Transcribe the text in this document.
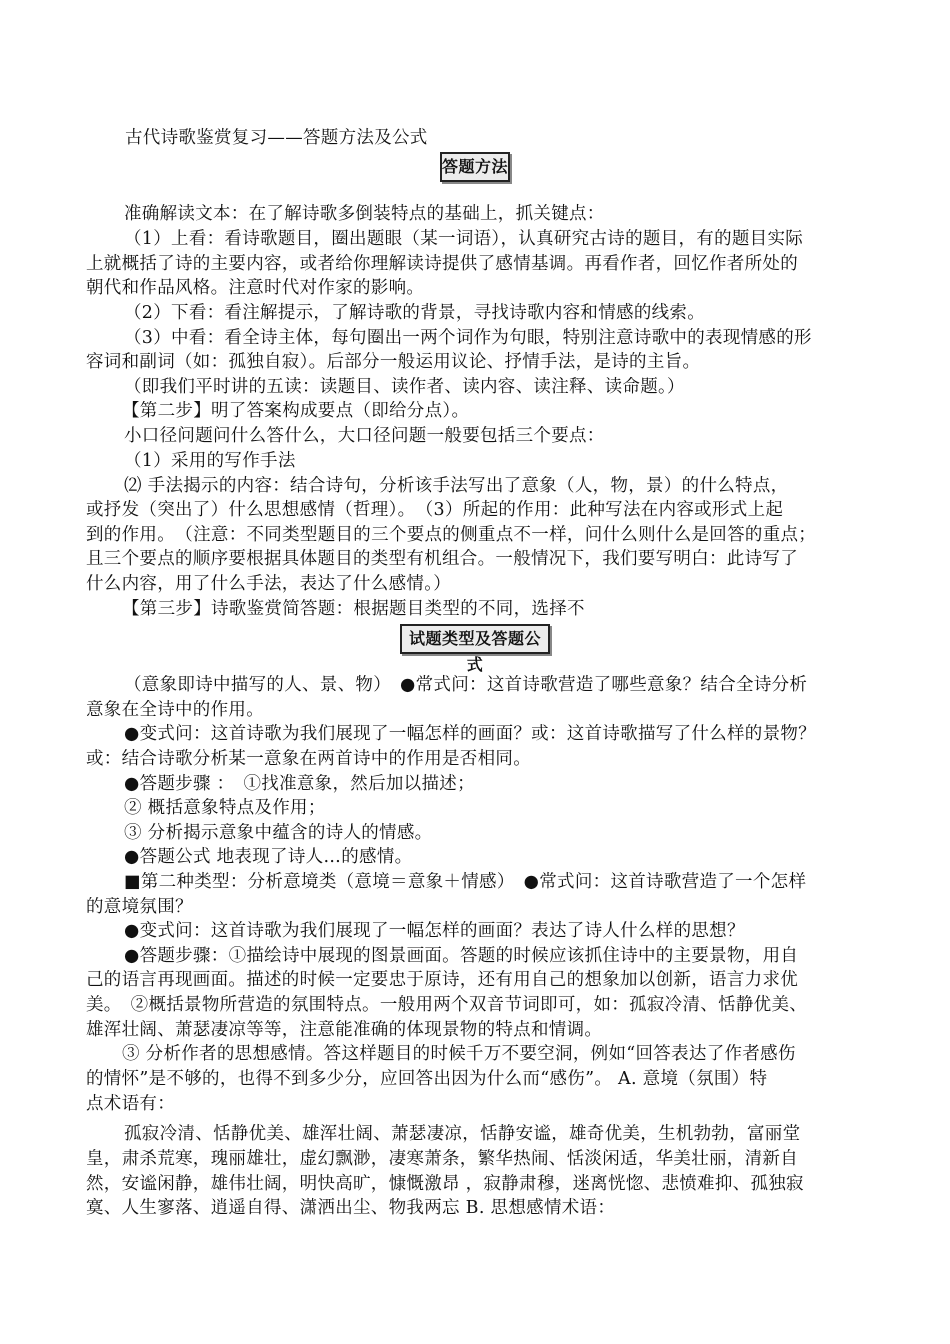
古代诗歌鉴赏复习——答题方法及公式
答题方法
准确解读文本：在了解诗歌多倒装特点的基础上，抓关键点：
（1）上看：看诗歌题目，圈出题眼（某一词语），认真研究古诗的题目，有的题目实际
上就概括了诗的主要内容，或者给你理解读诗提供了感情基调。再看作者，回忆作者所处的
朝代和作品风格。注意时代对作家的影响。
（2）下看：看注解提示，了解诗歌的背景，寻找诗歌内容和情感的线索。
（3）中看：看全诗主体，每句圈出一两个词作为句眼，特别注意诗歌中的表现情感的形
容词和副词（如：孤独自寂）。后部分一般运用议论、抒情手法，是诗的主旨。
（即我们平时讲的五读：读题目、读作者、读内容、读注释、读命题。）
【第二步】明了答案构成要点（即给分点）。
小口径问题问什么答什么，大口径问题一般要包括三个要点：
（1）采用的写作手法
⑵ 手法揭示的内容：结合诗句，分析该手法写出了意象（人，物，景）的什么特点，
或抒发（突出了）什么思想感情（哲理）。　（3）所起的作用：此种写法在内容或形式上起
到的作用。　（注意：不同类型题目的三个要点的侧重点不一样，问什么则什么是回答的重点；
且三个要点的顺序要根据具体题目的类型有机组合。一般情况下，我们要写明白：此诗写了
什么内容，用了什么手法，表达了什么感情。）
【第三步】诗歌鉴赏简答题：根据题目类型的不同，选择不
试题类型及答题公式
（意象即诗中描写的人、景、物）　●常式问：这首诗歌营造了哪些意象？结合全诗分析
意象在全诗中的作用。
●变式问：这首诗歌为我们展现了一幅怎样的画面？或：这首诗歌描写了什么样的景物？
或：结合诗歌分析某一意象在两首诗中的作用是否相同。
●答题步骤 ：　①找准意象，然后加以描述；
② 概括意象特点及作用；
③ 分析揭示意象中蕴含的诗人的情感。
●答题公式 地表现了诗人…的感情。
■第二种类型：分析意境类（意境＝意象＋情感）　●常式问：这首诗歌营造了一个怎样
的意境氛围？
●变式问：这首诗歌为我们展现了一幅怎样的画面？表达了诗人什么样的思想？
●答题步骤：①描绘诗中展现的图景画面。答题的时候应该抓住诗中的主要景物，用自
己的语言再现画面。描述的时候一定要忠于原诗，还有用自己的想象加以创新，语言力求优
美。　②概括景物所营造的氛围特点。一般用两个双音节词即可，如：孤寂冷清、恬静优美、
雄浑壮阔、萧瑟凄凉等等，注意能准确的体现景物的特点和情调。
③ 分析作者的思想感情。答这样题目的时候千万不要空洞，例如“回答表达了作者感伤
的情怀”是不够的，也得不到多少分，应回答出因为什么而“感伤”。 A. 意境（氛围）特
点术语有：
孤寂冷清、恬静优美、雄浑壮阔、萧瑟凄凉，恬静安谧，雄奇优美，生机勃勃，富丽堂
皇，肃杀荒寒，瑰丽雄壮，虚幻飘渺，凄寒萧条，繁华热闹、恬淡闲适，华美壮丽，清新自
然，安谧闲静，雄伟壮阔，明快高旷，慷慨激昂 ，寂静肃穆，迷离恍惚、悲愤难抑、孤独寂
寞、人生寥落、逍遥自得、潇洒出尘、物我两忘 B. 思想感情术语：
